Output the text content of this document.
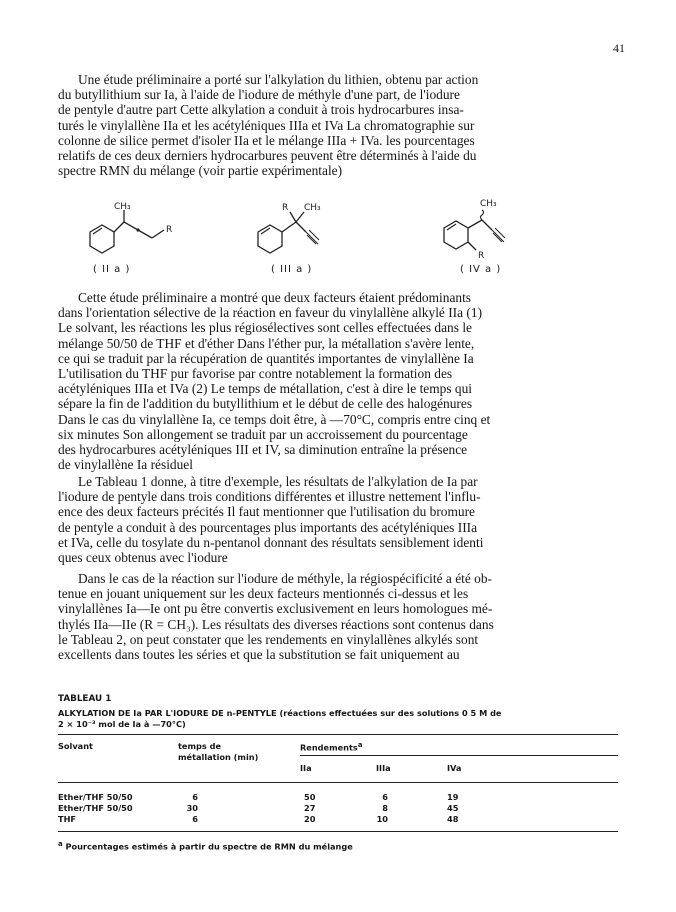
41

Une étude préliminaire a porté sur l'alkylation du lithien, obtenu par action
du butyllithium sur Ia, à l'aide de l'iodure de méthyle d'une part, de l'iodure
de pentyle d'autre part Cette alkylation a conduit à trois hydrocarbures insa-
turés le vinylallène IIa et les acétyléniques IIIa et IVa La chromatographie sur
colonne de silice permet d'isoler IIa et le mélange IIIa + IVa. les pourcentages
relatifs de ces deux derniers hydrocarbures peuvent être déterminés à l'aide du
spectre RMN du mélange (voir partie expérimentale)

CH₃
R
( II a )
R CH₃
( III a )
CH₃
R
( IV a )

Cette étude préliminaire a montré que deux facteurs étaient prédominants
dans l'orientation sélective de la réaction en faveur du vinylallène alkylé IIa (1)
Le solvant, les réactions les plus régiosélectives sont celles effectuées dans le
mélange 50/50 de THF et d'éther Dans l'éther pur, la métallation s'avère lente,
ce qui se traduit par la récupération de quantités importantes de vinylallène Ia
L'utilisation du THF pur favorise par contre notablement la formation des
acétyléniques IIIa et IVa (2) Le temps de métallation, c'est à dire le temps qui
sépare la fin de l'addition du butyllithium et le début de celle des halogénures
Dans le cas du vinylallène Ia, ce temps doit être, à —70°C, compris entre cinq et
six minutes Son allongement se traduit par un accroissement du pourcentage
des hydrocarbures acétyléniques III et IV, sa diminution entraîne la présence
de vinylallène Ia résiduel

Le Tableau 1 donne, à titre d'exemple, les résultats de l'alkylation de Ia par
l'iodure de pentyle dans trois conditions différentes et illustre nettement l'influ-
ence des deux facteurs précités Il faut mentionner que l'utilisation du bromure
de pentyle a conduit à des pourcentages plus importants des acétyléniques IIIa
et IVa, celle du tosylate du n-pentanol donnant des résultats sensiblement identi
ques ceux obtenus avec l'iodure

Dans le cas de la réaction sur l'iodure de méthyle, la régiospécificité a été ob-
tenue en jouant uniquement sur les deux facteurs mentionnés ci-dessus et les
vinylallènes Ia—Ie ont pu être convertis exclusivement en leurs homologues mé-
thylés IIa—IIe (R = CH₃). Les résultats des diverses réactions sont contenus dans
le Tableau 2, on peut constater que les rendements en vinylallènes alkylés sont
excellents dans toutes les séries et que la substitution se fait uniquement au

TABLEAU 1
ALKYLATION DE Ia PAR L'IODURE DE n-PENTYLE (réactions effectuées sur des solutions 0 5 M de
2 × 10⁻³ mol de Ia à —70°C)
Solvant	temps de
métallation (min)
Rendements$^a$
IIa	IIIa	IVa
Ether/THF 50/50	6	50	6	19
Ether/THF 50/50	30	27	8	45
THF	6	20	10	48
$^a$ Pourcentages estimés à partir du spectre de RMN du mélange
